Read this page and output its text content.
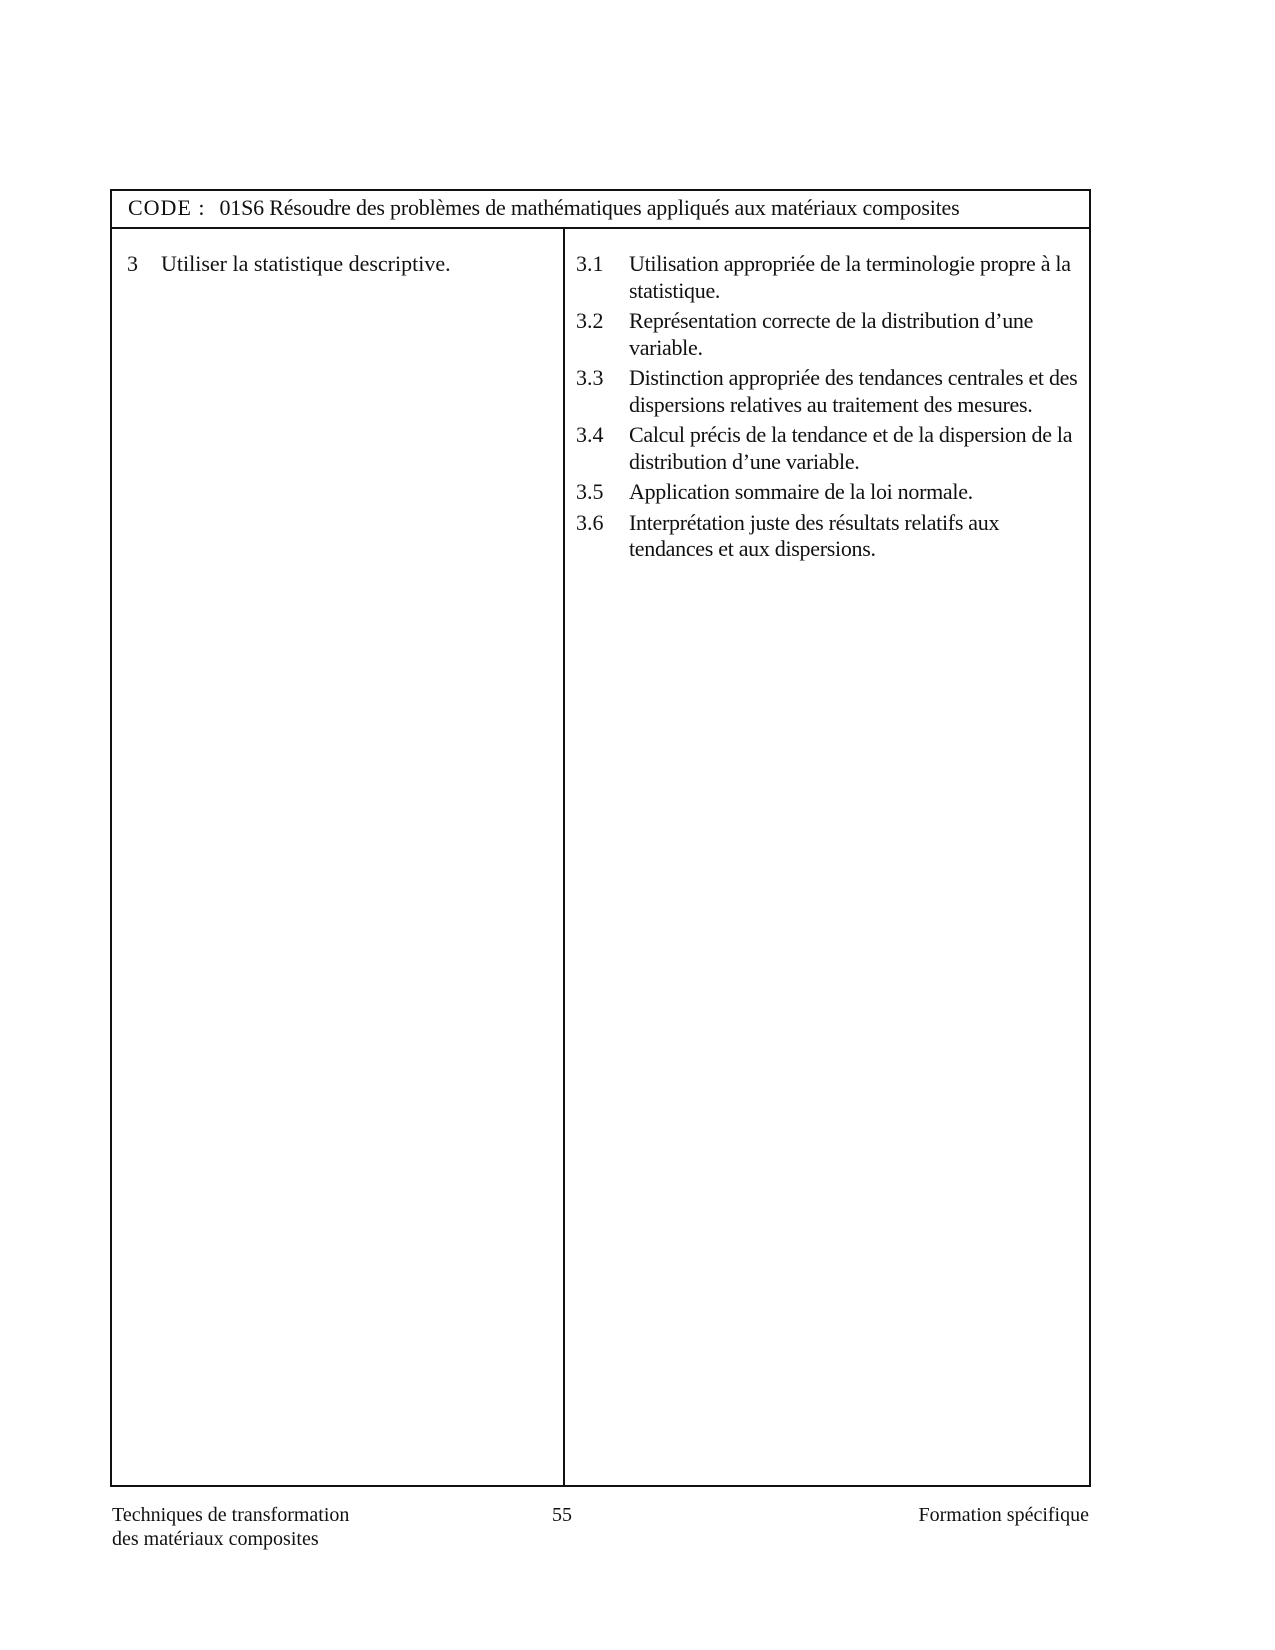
CODE : 01S6 Résoudre des problèmes de mathématiques appliqués aux matériaux composites
3 Utiliser la statistique descriptive.	3.1	Utilisation appropriée de la terminologie propre à la statistique.
3.2	Représentation correcte de la distribution d’une variable.
3.3	Distinction appropriée des tendances centrales et des dispersions relatives au traitement des mesures.
3.4	Calcul précis de la tendance et de la dispersion de la distribution d’une variable.
3.5	Application sommaire de la loi normale.
3.6	Interprétation juste des résultats relatifs aux tendances et aux dispersions.
Techniques de transformation
des matériaux composites
55	Formation spécifique
